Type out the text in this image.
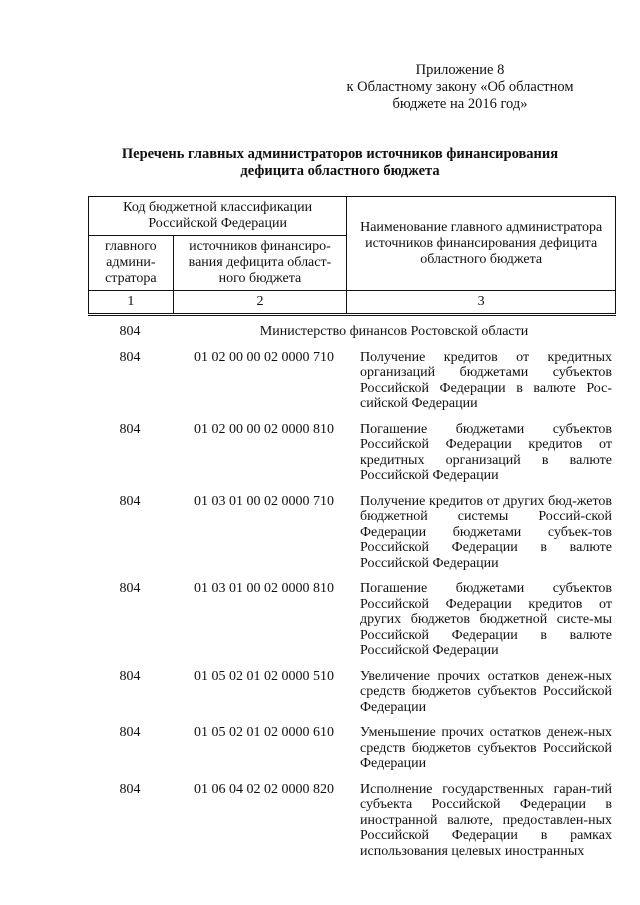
Приложение 8
к Областному закону «Об областном
бюджете на 2016 год»
Перечень главных администраторов источников финансирования
дефицита областного бюджета
Код бюджетной классификации Российской Федерации		Наименование главного администратора источников финансирования дефицита областного бюджета
главного админи-стратора	источников финансиро-вания дефицита област-ного бюджета	
1	2	3
804	Министерство финансов Ростовской области	
804	01 02 00 00 02 0000 710	Получение кредитов от кредитных организаций бюджетами субъектов Российской Федерации в валюте Рос-сийской Федерации
804	01 02 00 00 02 0000 810	Погашение бюджетами субъектов Российской Федерации кредитов от кредитных организаций в валюте Российской Федерации
804	01 03 01 00 02 0000 710	Получение кредитов от других бюд-жетов бюджетной системы Россий-ской Федерации бюджетами субъек-тов Российской Федерации в валюте Российской Федерации
804	01 03 01 00 02 0000 810	Погашение бюджетами субъектов Российской Федерации кредитов от других бюджетов бюджетной систе-мы Российской Федерации в валюте Российской Федерации
804	01 05 02 01 02 0000 510	Увеличение прочих остатков денеж-ных средств бюджетов субъектов Российской Федерации
804	01 05 02 01 02 0000 610	Уменьшение прочих остатков денеж-ных средств бюджетов субъектов Российской Федерации
804	01 06 04 02 02 0000 820	Исполнение государственных гаран-тий субъекта Российской Федерации в иностранной валюте, предоставлен-ных Российской Федерации в рамках использования целевых иностранных
